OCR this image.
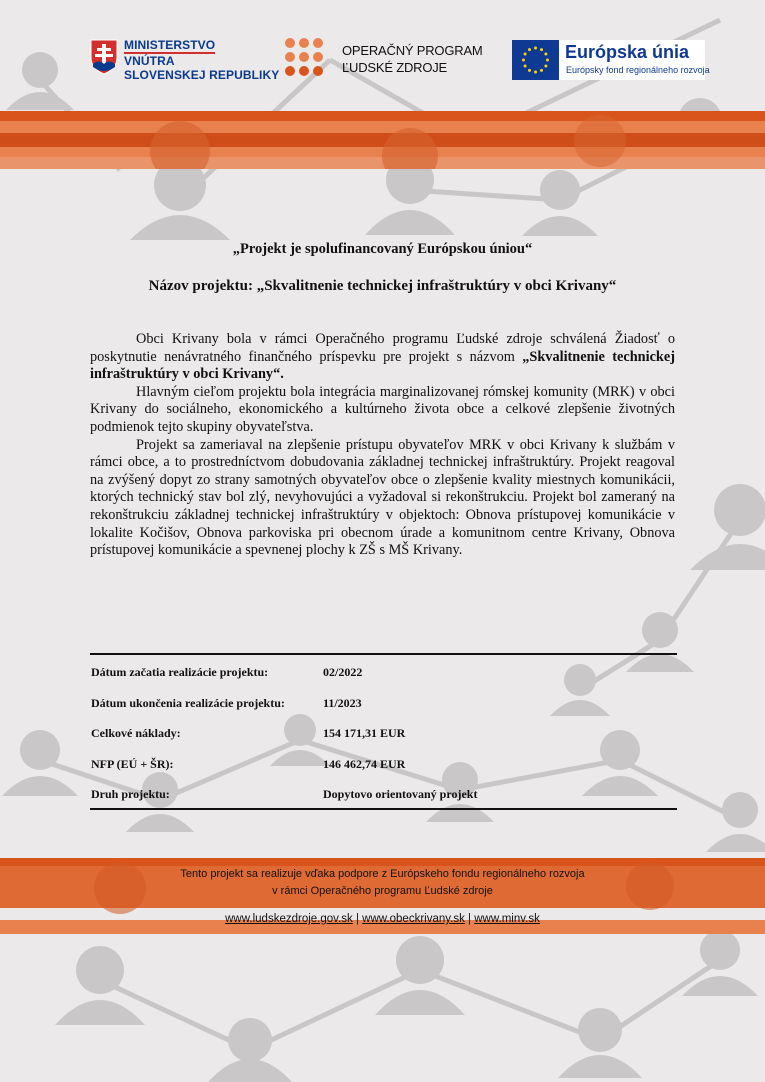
MINISTERSTVO
VNÚTRA
SLOVENSKEJ REPUBLIKY
OPERAČNÝ PROGRAM
ĽUDSKÉ ZDROJE
Európska únia
Európsky fond regionálneho rozvoja
„Projekt je spolufinancovaný Európskou úniou“
Názov projektu: „Skvalitnenie technickej infraštruktúry v obci Krivany“

Obci Krivany bola v rámci Operačného programu Ľudské zdroje schválená Žiadosť o poskytnutie nenávratného finančného príspevku pre projekt s názvom „Skvalitnenie technickej infraštruktúry v obci Krivany“.

Hlavným cieľom projektu bola integrácia marginalizovanej rómskej komunity (MRK) v obci Krivany do sociálneho, ekonomického a kultúrneho života obce a celkové zlepšenie životných podmienok tejto skupiny obyvateľstva.

Projekt sa zameriaval na zlepšenie prístupu obyvateľov MRK v obci Krivany k službám v rámci obce, a to prostredníctvom dobudovania základnej technickej infraštruktúry. Projekt reagoval na zvýšený dopyt zo strany samotných obyvateľov obce o zlepšenie kvality miestnych komunikácii, ktorých technický stav bol zlý, nevyhovujúci a vyžadoval si rekonštrukciu. Projekt bol zameraný na rekonštrukciu základnej technickej infraštruktúry v objektoch: Obnova prístupovej komunikácie v lokalite Kočišov, Obnova parkoviska pri obecnom úrade a komunitnom centre Krivany, Obnova prístupovej komunikácie a spevnenej plochy k ZŠ s MŠ Krivany.

Dátum začatia realizácie projektu:	02/2022
Dátum ukončenia realizácie projektu:	11/2023
Celkové náklady:	154 171,31 EUR
NFP (EÚ + ŠR):	146 462,74 EUR
Druh projektu:	Dopytovo orientovaný projekt
Tento projekt sa realizuje vďaka podpore z Európskeho fondu regionálneho rozvoja
v rámci Operačného programu Ľudské zdroje
www.ludskezdroje.gov.sk | www.obeckrivany.sk | www.minv.sk
